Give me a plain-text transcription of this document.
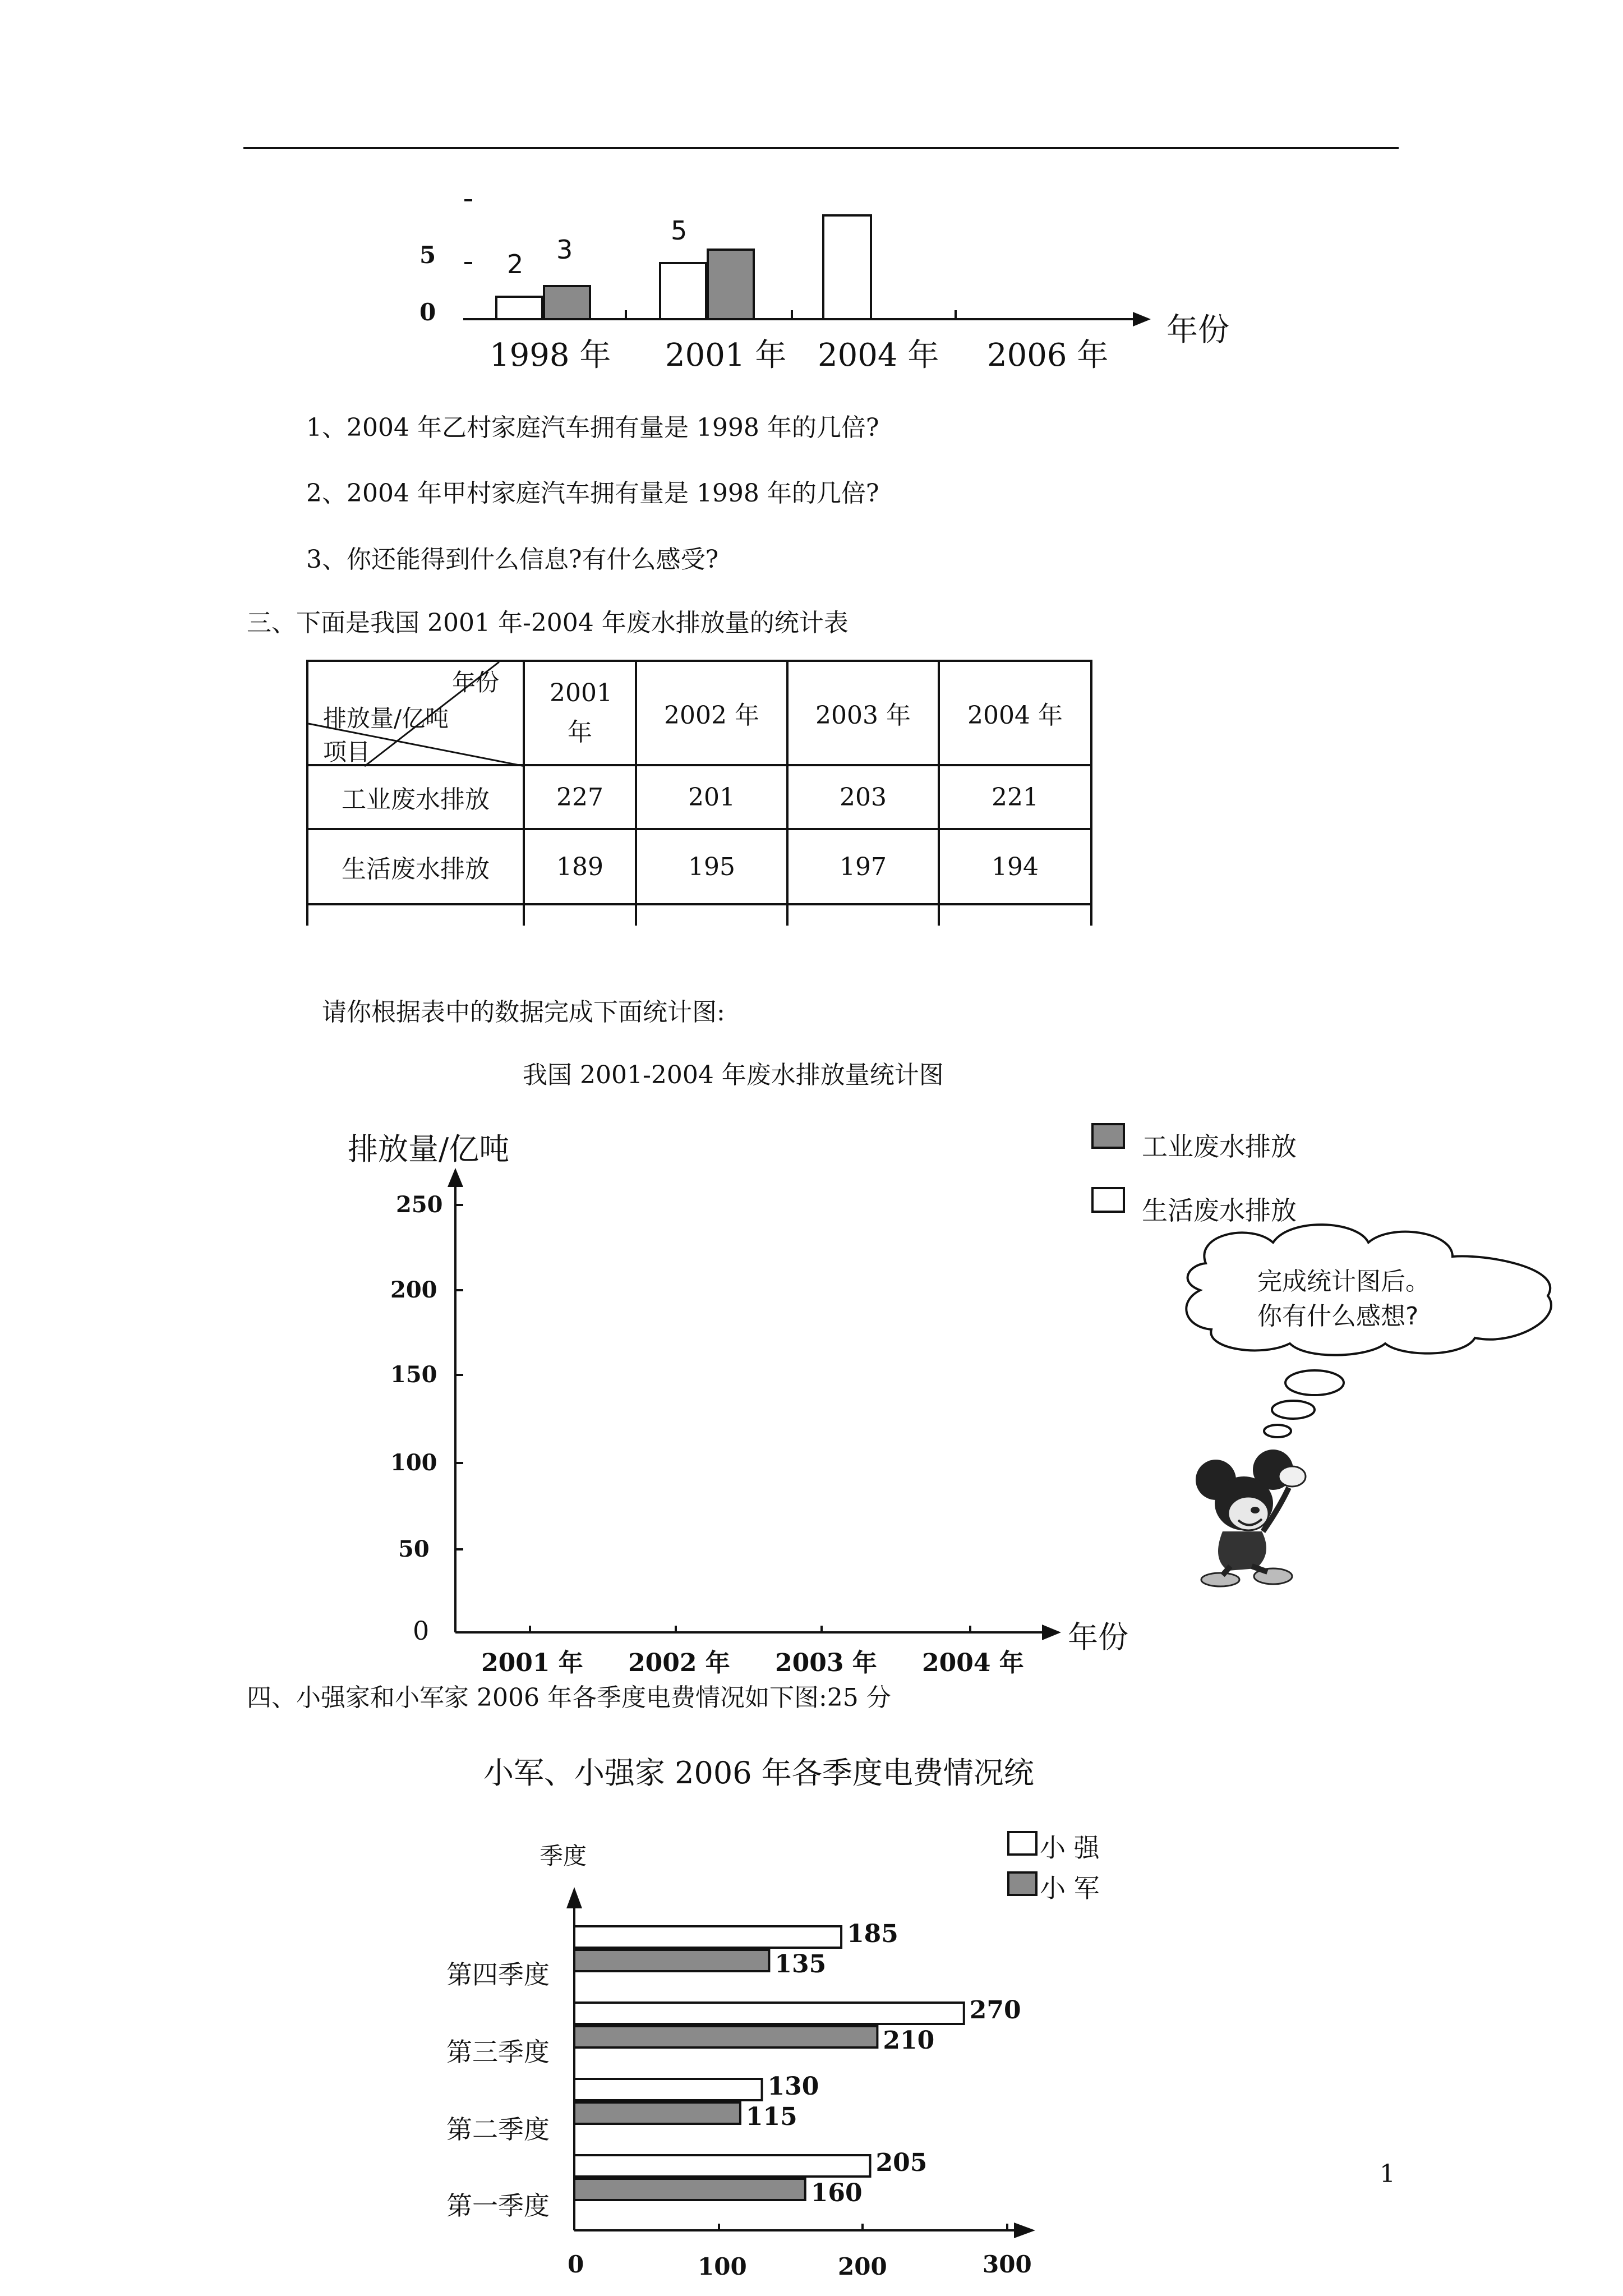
2 3
5
5
0
1998 年 2001 年 2004 年 2006 年
年份
1、2004 年乙村家庭汽车拥有量是 1998 年的几倍?
2、2004 年甲村家庭汽车拥有量是 1998 年的几倍?
3、你还能得到什么信息?有什么感受?
三、下面是我国 2001 年-2004 年废水排放量的统计表
年份
排放量/亿吨
项目	2001 年	2002 年	2003 年	2004 年
工业废水排放	227	201	203	221
生活废水排放	189	195	197	194

请你根据表中的数据完成下面统计图:
我国 2001-2004 年废水排放量统计图
排放量/亿吨
250
200
150
100
50
0
2001 年 2002 年 2003 年 2004 年
年份
工业废水排放
生活废水排放
完成统计图后。
你有什么感想?
四、小强家和小军家 2006 年各季度电费情况如下图:25 分
小军、小强家 2006 年各季度电费情况统
季度	小 强
小 军
第四季度
第三季度
第二季度
第一季度
0	100	200	300
185
270
130
205
135
210
115
160
1
